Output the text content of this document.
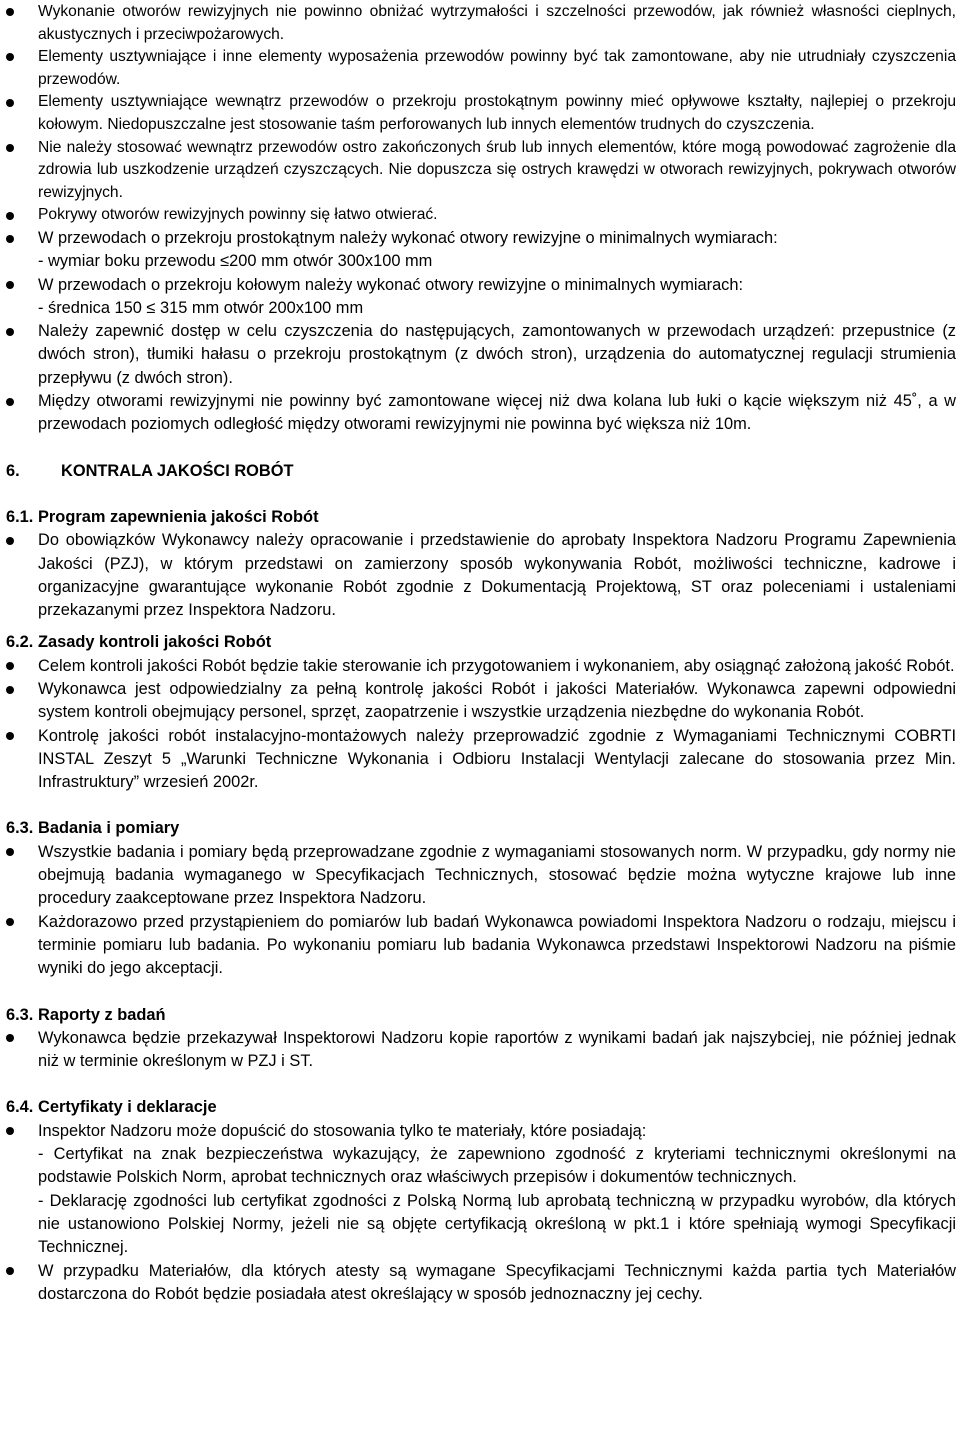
Wykonanie otworów rewizyjnych nie powinno obniżać wytrzymałości i szczelności przewodów, jak również własności cieplnych, akustycznych i przeciwpożarowych.

Elementy usztywniające i inne elementy wyposażenia przewodów powinny być tak zamontowane, aby nie utrudniały czyszczenia przewodów.

Elementy usztywniające wewnątrz przewodów o przekroju prostokątnym powinny mieć opływowe kształty, najlepiej o przekroju kołowym. Niedopuszczalne jest stosowanie taśm perforowanych lub innych elementów trudnych do czyszczenia.

Nie należy stosować wewnątrz przewodów ostro zakończonych śrub lub innych elementów, które mogą powodować zagrożenie dla zdrowia lub uszkodzenie urządzeń czyszczących. Nie dopuszcza się ostrych krawędzi w otworach rewizyjnych, pokrywach otworów rewizyjnych.

Pokrywy otworów rewizyjnych powinny się łatwo otwierać.

W przewodach o przekroju prostokątnym należy wykonać otwory rewizyjne o minimalnych wymiarach:

- wymiar boku przewodu ≤200 mm otwór 300x100 mm

W przewodach o przekroju kołowym należy wykonać otwory rewizyjne o minimalnych wymiarach:

- średnica 150 ≤ 315 mm otwór 200x100 mm

Należy zapewnić dostęp w celu czyszczenia do następujących, zamontowanych w przewodach urządzeń: przepustnice (z dwóch stron), tłumiki hałasu o przekroju prostokątnym (z dwóch stron), urządzenia do automatycznej regulacji strumienia przepływu (z dwóch stron).

Między otworami rewizyjnymi nie powinny być zamontowane więcej niż dwa kolana lub łuki o kącie większym niż 45˚, a w przewodach poziomych odległość między otworami rewizyjnymi nie powinna być większa niż 10m.

6.	KONTRALA JAKOŚCI ROBÓT
6.1. Program zapewnienia jakości Robót

Do obowiązków Wykonawcy należy opracowanie i przedstawienie do aprobaty Inspektora Nadzoru Programu Zapewnienia Jakości (PZJ), w którym przedstawi on zamierzony sposób wykonywania Robót, możliwości techniczne, kadrowe i organizacyjne gwarantujące wykonanie Robót zgodnie z Dokumentacją Projektową, ST oraz poleceniami i ustaleniami przekazanymi przez Inspektora Nadzoru.

6.2. Zasady kontroli jakości Robót

Celem kontroli jakości Robót będzie takie sterowanie ich przygotowaniem i wykonaniem, aby osiągnąć założoną jakość Robót.

Wykonawca jest odpowiedzialny za pełną kontrolę jakości Robót i jakości Materiałów. Wykonawca zapewni odpowiedni system kontroli obejmujący personel, sprzęt, zaopatrzenie i wszystkie urządzenia niezbędne do wykonania Robót.

Kontrolę jakości robót instalacyjno-montażowych należy przeprowadzić zgodnie z Wymaganiami Technicznymi COBRTI INSTAL Zeszyt 5 „Warunki Techniczne Wykonania i Odbioru Instalacji Wentylacji zalecane do stosowania przez Min. Infrastruktury” wrzesień 2002r.

6.3. Badania i pomiary

Wszystkie badania i pomiary będą przeprowadzane zgodnie z wymaganiami stosowanych norm. W przypadku, gdy normy nie obejmują badania wymaganego w Specyfikacjach Technicznych, stosować będzie można wytyczne krajowe lub inne procedury zaakceptowane przez Inspektora Nadzoru.

Każdorazowo przed przystąpieniem do pomiarów lub badań Wykonawca powiadomi Inspektora Nadzoru o rodzaju, miejscu i terminie pomiaru lub badania. Po wykonaniu pomiaru lub badania Wykonawca przedstawi Inspektorowi Nadzoru na piśmie wyniki do jego akceptacji.

6.3. Raporty z badań

Wykonawca będzie przekazywał Inspektorowi Nadzoru kopie raportów z wynikami badań jak najszybciej, nie później jednak niż w terminie określonym w PZJ i ST.

6.4. Certyfikaty i deklaracje

Inspektor Nadzoru może dopuścić do stosowania tylko te materiały, które posiadają:

- Certyfikat na znak bezpieczeństwa wykazujący, że zapewniono zgodność z kryteriami technicznymi określonymi na podstawie Polskich Norm, aprobat technicznych oraz właściwych przepisów i dokumentów technicznych.

- Deklarację zgodności lub certyfikat zgodności z Polską Normą lub aprobatą techniczną w przypadku wyrobów, dla których nie ustanowiono Polskiej Normy, jeżeli nie są objęte certyfikacją określoną w pkt.1 i które spełniają wymogi Specyfikacji Technicznej.

W przypadku Materiałów, dla których atesty są wymagane Specyfikacjami Technicznymi każda partia tych Materiałów dostarczona do Robót będzie posiadała atest określający w sposób jednoznaczny jej cechy.
